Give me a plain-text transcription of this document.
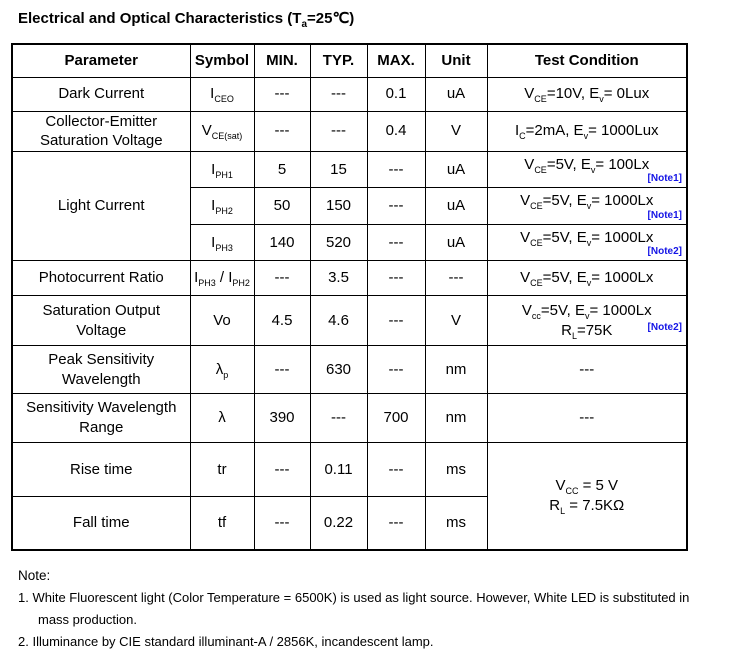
Electrical and Optical Characteristics $(T_a=25℃)$
Parameter	Symbol	MIN.	TYP.	MAX.	Unit	Test Condition
Dark Current	$I_{CEO}$	---	---	0.1	uA	$V_{CE}=10V$, $E_v= 0Lux$
Collector-Emitter
Saturation Voltage	$V_{CE(sat)}$	---	---	0.4	V	$I_C=2mA$, $E_v= 1000Lux$
Light Current	$I_{PH1}$	5	15	---	uA	$V_{CE}=5V$, $E_v= 100Lx$
[Note1]

	$I_{PH2}$	50	150	---	uA	$V_{CE}=5V$, $E_v= 1000Lx$
[Note1]

	$I_{PH3}$	140	520	---	uA	$V_{CE}=5V$, $E_v= 1000Lx$
[Note2]

Photocurrent Ratio	$I_{PH3} / I_{PH2}$	---	3.5	---	---	$V_{CE}=5V$, $E_v= 1000Lx$
Saturation Output
Voltage	Vo	4.5	4.6	---	V	$V_{cc}=5V$, $E_v= 1000Lx$
$R_L=75K$ [Note2]

Peak Sensitivity
Wavelength	$\lambda_p$	---	630	---	nm	---
Sensitivity Wavelength
Range	λ	390	---	700	nm	---
Rise time	tr	---	0.11	---	ms	$V_{CC} = 5$ V
$R_L = 7.5K\Omega$
Fall time	tf	---	0.22	---	ms	
Note:
1. White Fluorescent light (Color Temperature = 6500K) is used as light source. However, White LED is substituted in
mass production.
2. Illuminance by CIE standard illuminant-A / 2856K, incandescent lamp.
